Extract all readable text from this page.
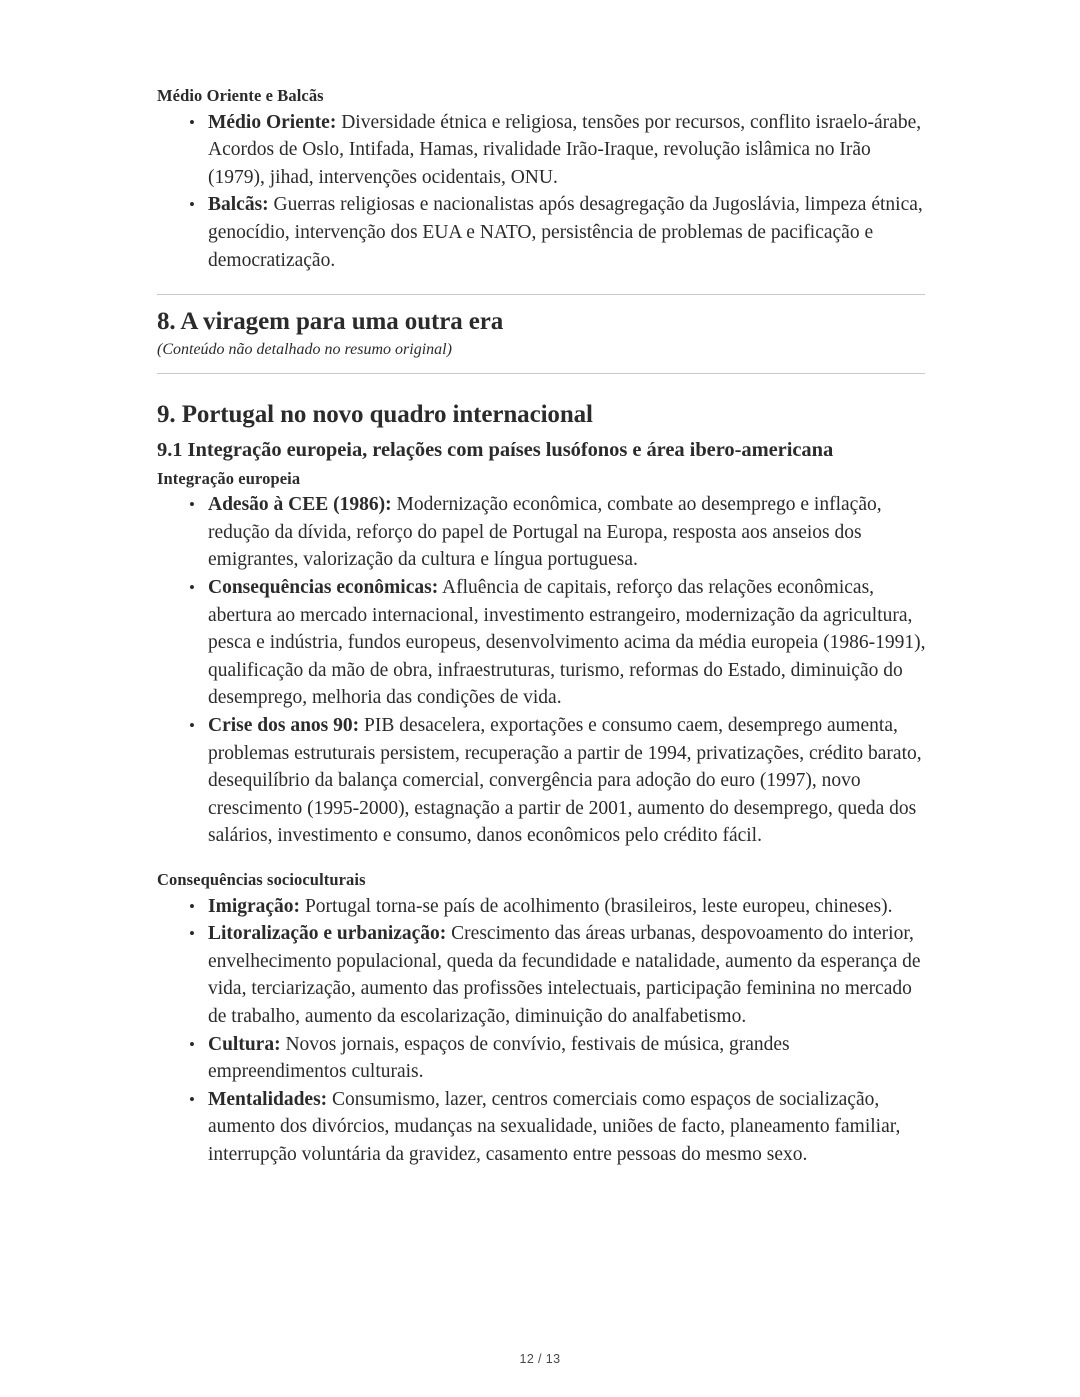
Médio Oriente e Balcãs
• Médio Oriente: Diversidade étnica e religiosa, tensões por recursos, conflito israelo-árabe, Acordos de Oslo, Intifada, Hamas, rivalidade Irão-Iraque, revolução islâmica no Irão (1979), jihad, intervenções ocidentais, ONU.
• Balcãs: Guerras religiosas e nacionalistas após desagregação da Jugoslávia, limpeza étnica, genocídio, intervenção dos EUA e NATO, persistência de problemas de pacificação e democratização.
8. A viragem para uma outra era

(Conteúdo não detalhado no resumo original)

9. Portugal no novo quadro internacional
9.1 Integração europeia, relações com países lusófonos e área ibero-americana
Integração europeia
• Adesão à CEE (1986): Modernização econômica, combate ao desemprego e inflação, redução da dívida, reforço do papel de Portugal na Europa, resposta aos anseios dos emigrantes, valorização da cultura e língua portuguesa.
• Consequências econômicas: Afluência de capitais, reforço das relações econômicas, abertura ao mercado internacional, investimento estrangeiro, modernização da agricultura, pesca e indústria, fundos europeus, desenvolvimento acima da média europeia (1986-1991), qualificação da mão de obra, infraestruturas, turismo, reformas do Estado, diminuição do desemprego, melhoria das condições de vida.
• Crise dos anos 90: PIB desacelera, exportações e consumo caem, desemprego aumenta, problemas estruturais persistem, recuperação a partir de 1994, privatizações, crédito barato, desequilíbrio da balança comercial, convergência para adoção do euro (1997), novo crescimento (1995-2000), estagnação a partir de 2001, aumento do desemprego, queda dos salários, investimento e consumo, danos econômicos pelo crédito fácil.
Consequências socioculturais
• Imigração: Portugal torna-se país de acolhimento (brasileiros, leste europeu, chineses).
• Litoralização e urbanização: Crescimento das áreas urbanas, despovoamento do interior, envelhecimento populacional, queda da fecundidade e natalidade, aumento da esperança de vida, terciarização, aumento das profissões intelectuais, participação feminina no mercado de trabalho, aumento da escolarização, diminuição do analfabetismo.
• Cultura: Novos jornais, espaços de convívio, festivais de música, grandes empreendimentos culturais.
• Mentalidades: Consumismo, lazer, centros comerciais como espaços de socialização, aumento dos divórcios, mudanças na sexualidade, uniões de facto, planeamento familiar, interrupção voluntária da gravidez, casamento entre pessoas do mesmo sexo.
12 / 13
